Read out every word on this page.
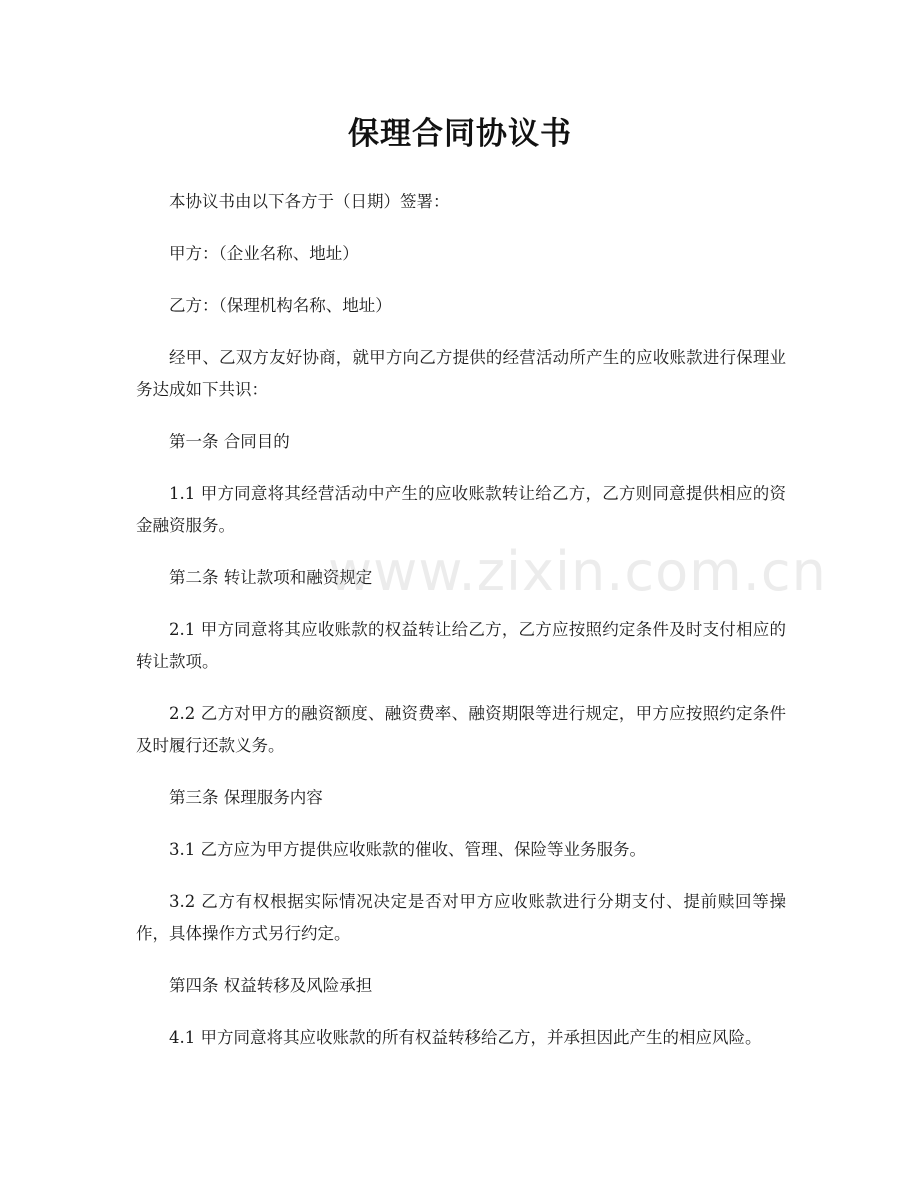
保理合同协议书

本协议书由以下各方于（日期）签署：

甲方：（企业名称、地址）

乙方：（保理机构名称、地址）

经甲、乙双方友好协商，就甲方向乙方提供的经营活动所产生的应收账款进行保理业务达成如下共识：

第一条 合同目的

1.1 甲方同意将其经营活动中产生的应收账款转让给乙方，乙方则同意提供相应的资金融资服务。

第二条 转让款项和融资规定

2.1 甲方同意将其应收账款的权益转让给乙方，乙方应按照约定条件及时支付相应的转让款项。

2.2 乙方对甲方的融资额度、融资费率、融资期限等进行规定，甲方应按照约定条件及时履行还款义务。

第三条 保理服务内容

3.1 乙方应为甲方提供应收账款的催收、管理、保险等业务服务。

3.2 乙方有权根据实际情况决定是否对甲方应收账款进行分期支付、提前赎回等操作，具体操作方式另行约定。

第四条 权益转移及风险承担

4.1 甲方同意将其应收账款的所有权益转移给乙方，并承担因此产生的相应风险。

www.zixin.com.cn
